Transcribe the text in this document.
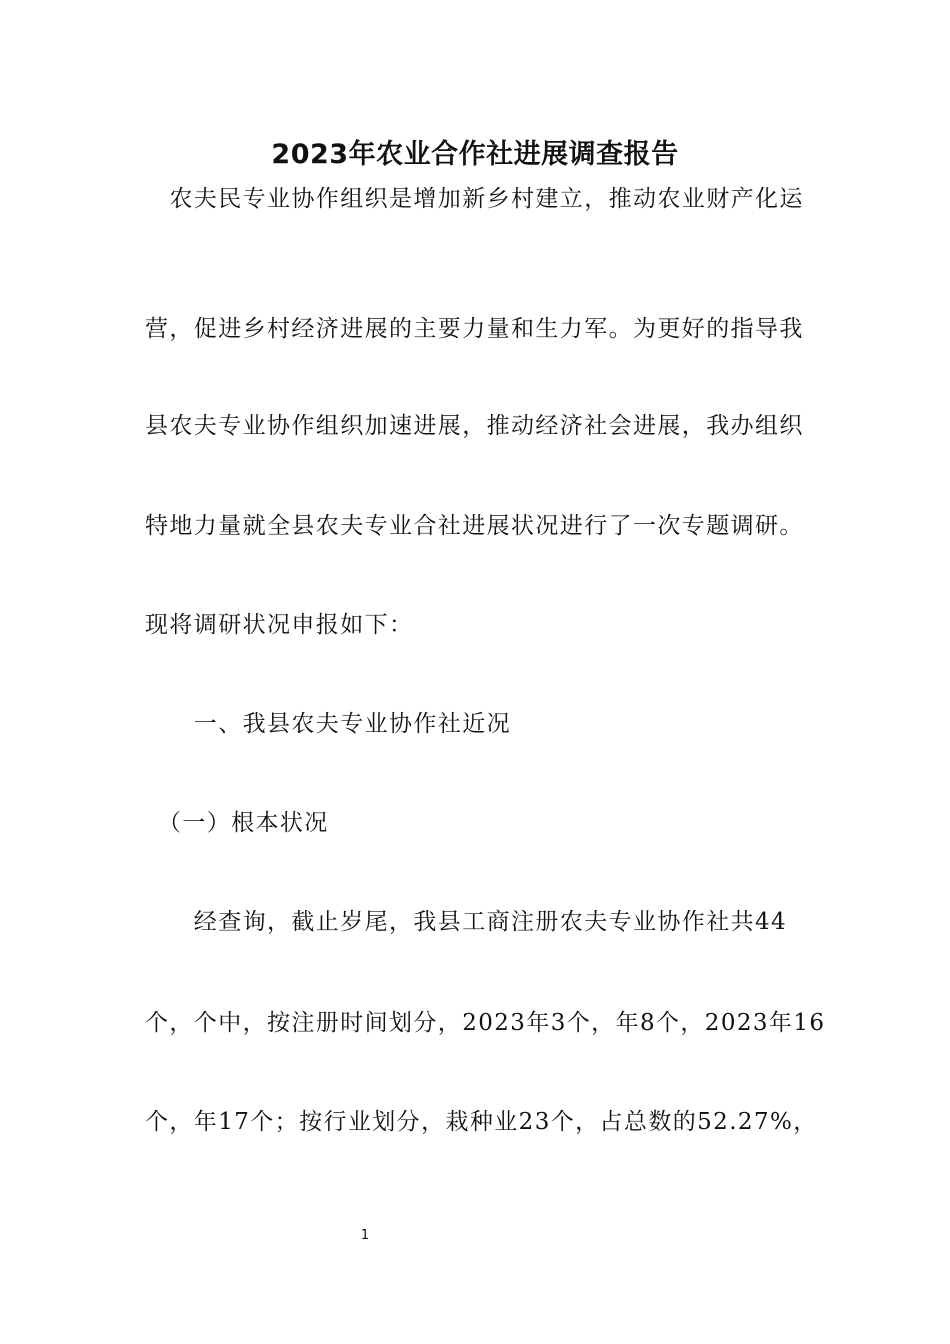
2023年农业合作社进展调查报告
　农夫民专业协作组织是增加新乡村建立，推动农业财产化运
营，促进乡村经济进展的主要力量和生力军。为更好的指导我
县农夫专业协作组织加速进展，推动经济社会进展，我办组织
特地力量就全县农夫专业合社进展状况进行了一次专题调研。
现将调研状况申报如下：
　　一、我县农夫专业协作社近况
　（一）根本状况
　　经查询，截止岁尾，我县工商注册农夫专业协作社共44
个，个中，按注册时间划分，2023年3个，年8个，2023年16
个，年17个；按行业划分，栽种业23个，占总数的52.27%，
1
